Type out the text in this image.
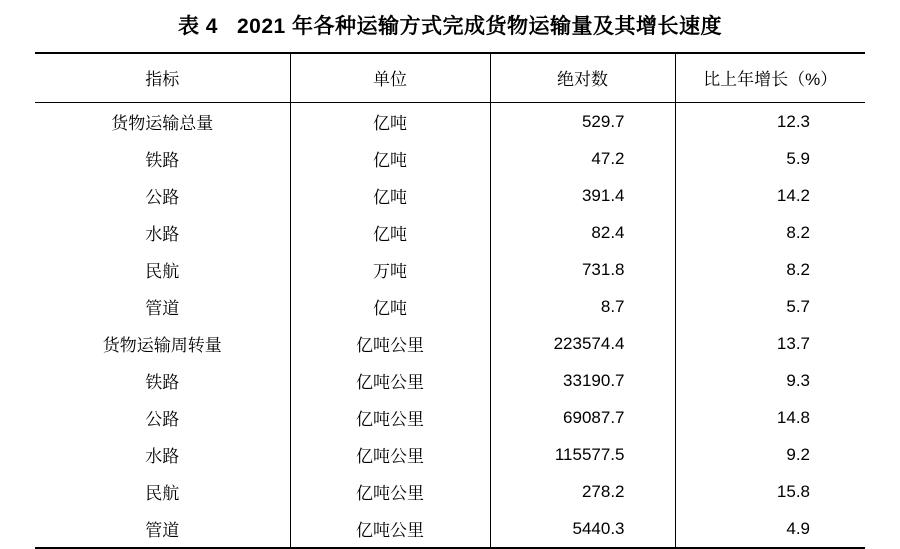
表 4   2021 年各种运输方式完成货物运输量及其增长速度
指标	单位	绝对数	比上年增长（%）
货物运输总量	亿吨	529.7	12.3
铁路	亿吨	47.2	5.9
公路	亿吨	391.4	14.2
水路	亿吨	82.4	8.2
民航	万吨	731.8	8.2
管道	亿吨	8.7	5.7
货物运输周转量	亿吨公里	223574.4	13.7
铁路	亿吨公里	33190.7	9.3
公路	亿吨公里	69087.7	14.8
水路	亿吨公里	115577.5	9.2
民航	亿吨公里	278.2	15.8
管道	亿吨公里	5440.3	4.9
